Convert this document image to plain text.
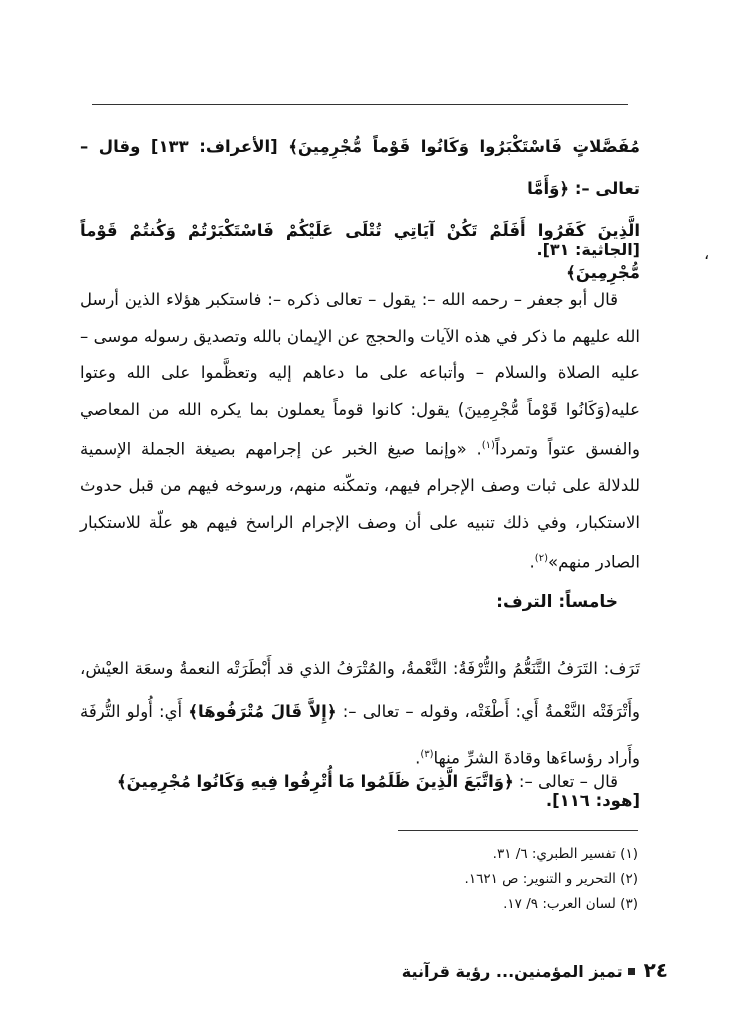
مُفَصَّلاتٍ فَاسْتَكْبَرُوا وَكَانُوا قَوْماً مُّجْرِمِينَ﴾ [الأعراف: ١٣٣] وقال – تعالى –: ﴿وَأَمَّا

الَّذِينَ كَفَرُوا أَفَلَمْ تَكُنْ آيَاتِي تُتْلَى عَلَيْكُمْ فَاسْتَكْبَرْتُمْ وَكُنتُمْ قَوْماً مُّجْرِمِينَ﴾

[الجاثية: ٣١].	،

قال أبو جعفر – رحمه الله –: يقول – تعالى ذكره –: فاستكبر هؤلاء الذين أرسل الله عليهم ما ذكر في هذه الآيات والحجج عن الإيمان بالله وتصديق رسوله موسى – عليه الصلاة والسلام – وأتباعه على ما دعاهم إليه وتعظَّموا على الله وعتوا عليه(وَكَانُوا قَوْماً مُّجْرِمِينَ) يقول: كانوا قوماً يعملون بما يكره الله من المعاصي والفسق عتواً وتمرداً$^{(١)}$. «وإنما صيغ الخبر عن إجرامهم بصيغة الجملة الإسمية للدلالة على ثبات وصف الإجرام فيهم، وتمكّنه منهم، ورسوخه فيهم من قبل حدوث الاستكبار، وفي ذلك تنبيه على أن وصف الإجرام الراسخ فيهم هو علّة للاستكبار الصادر منهم»$^{(٢)}$.

خامساً: الترف:

تَرَف: التَرَفُ التَّنَعُّمُ والتُّرْفَةُ: النَّعْمةُ، والمُتْرَفُ الذي قد أَبْطَرَتْه النعمةُ وسعَة العيْش، وأَتْرَفَتْه النَّعْمةُ أَي: أَطْغَتْه، وقوله – تعالى –: ﴿إِلاَّ قَالَ مُتْرَفُوهَا﴾ أَي: أُولو التُّرفَة وأَراد رؤساءَها وقادةَ الشرِّ منها$^{(٣)}$.

قال – تعالى –: ﴿وَاتَّبَعَ الَّذِينَ ظَلَمُوا مَا أُتْرِفُوا فِيهِ وَكَانُوا مُجْرِمِينَ﴾ [هود: ١١٦].
(١) تفسير الطبري: ٦/ ٣١.
(٢) التحرير و التنوير: ص ١٦٢١.
(٣) لسان العرب: ٩/ ١٧.
٢٤تميز المؤمنين... رؤية قرآنية
